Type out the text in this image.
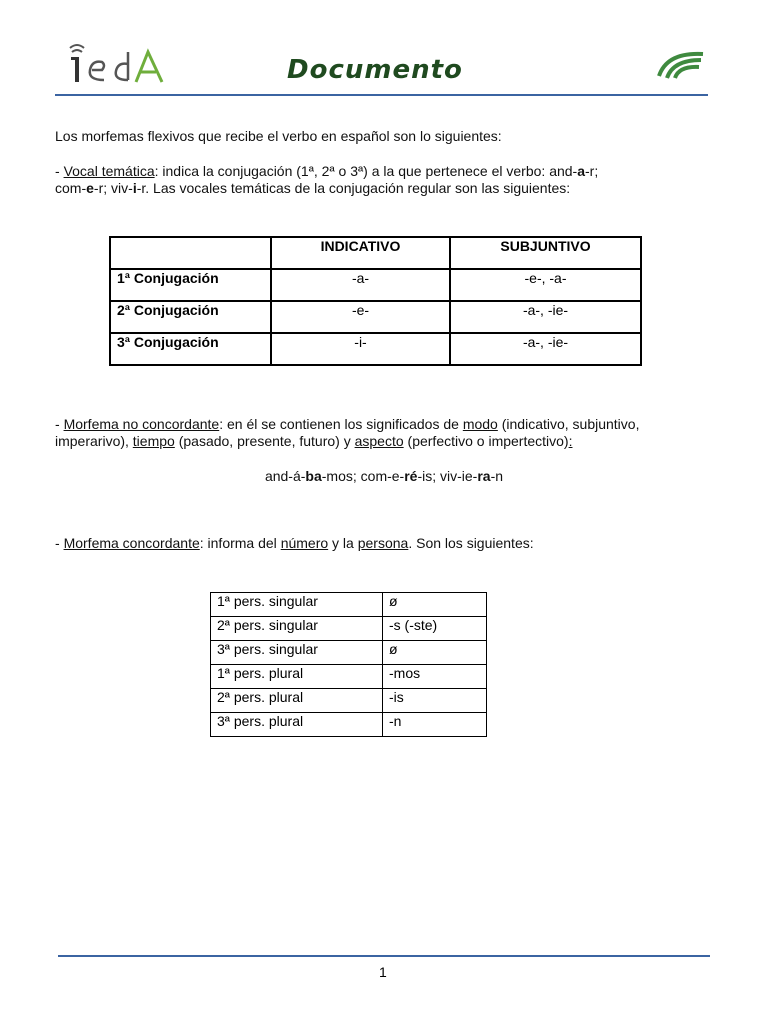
Documento
Los morfemas flexivos que recibe el verbo en español son lo siguientes:
- Vocal temática: indica la conjugación (1ª, 2ª o 3ª) a la que pertenece el verbo: and-a-r;
com-e-r; viv-i-r. Las vocales temáticas de la conjugación regular son las siguientes:
	INDICATIVO	SUBJUNTIVO
1ª Conjugación	-a-	-e-, -a-
2ª Conjugación	-e-	-a-, -ie-
3ª Conjugación	-i-	-a-, -ie-
- Morfema no concordante: en él se contienen los significados de modo (indicativo, subjuntivo,
imperarivo), tiempo (pasado, presente, futuro) y aspecto (perfectivo o impertectivo):
and-á-ba-mos; com-e-ré-is; viv-ie-ra-n
- Morfema concordante: informa del número y la persona. Son los siguientes:
1ª pers. singular	ø
2ª pers. singular	-s (-ste)
3ª pers. singular	ø
1ª pers. plural	-mos
2ª pers. plural	-is
3ª pers. plural	-n
1
